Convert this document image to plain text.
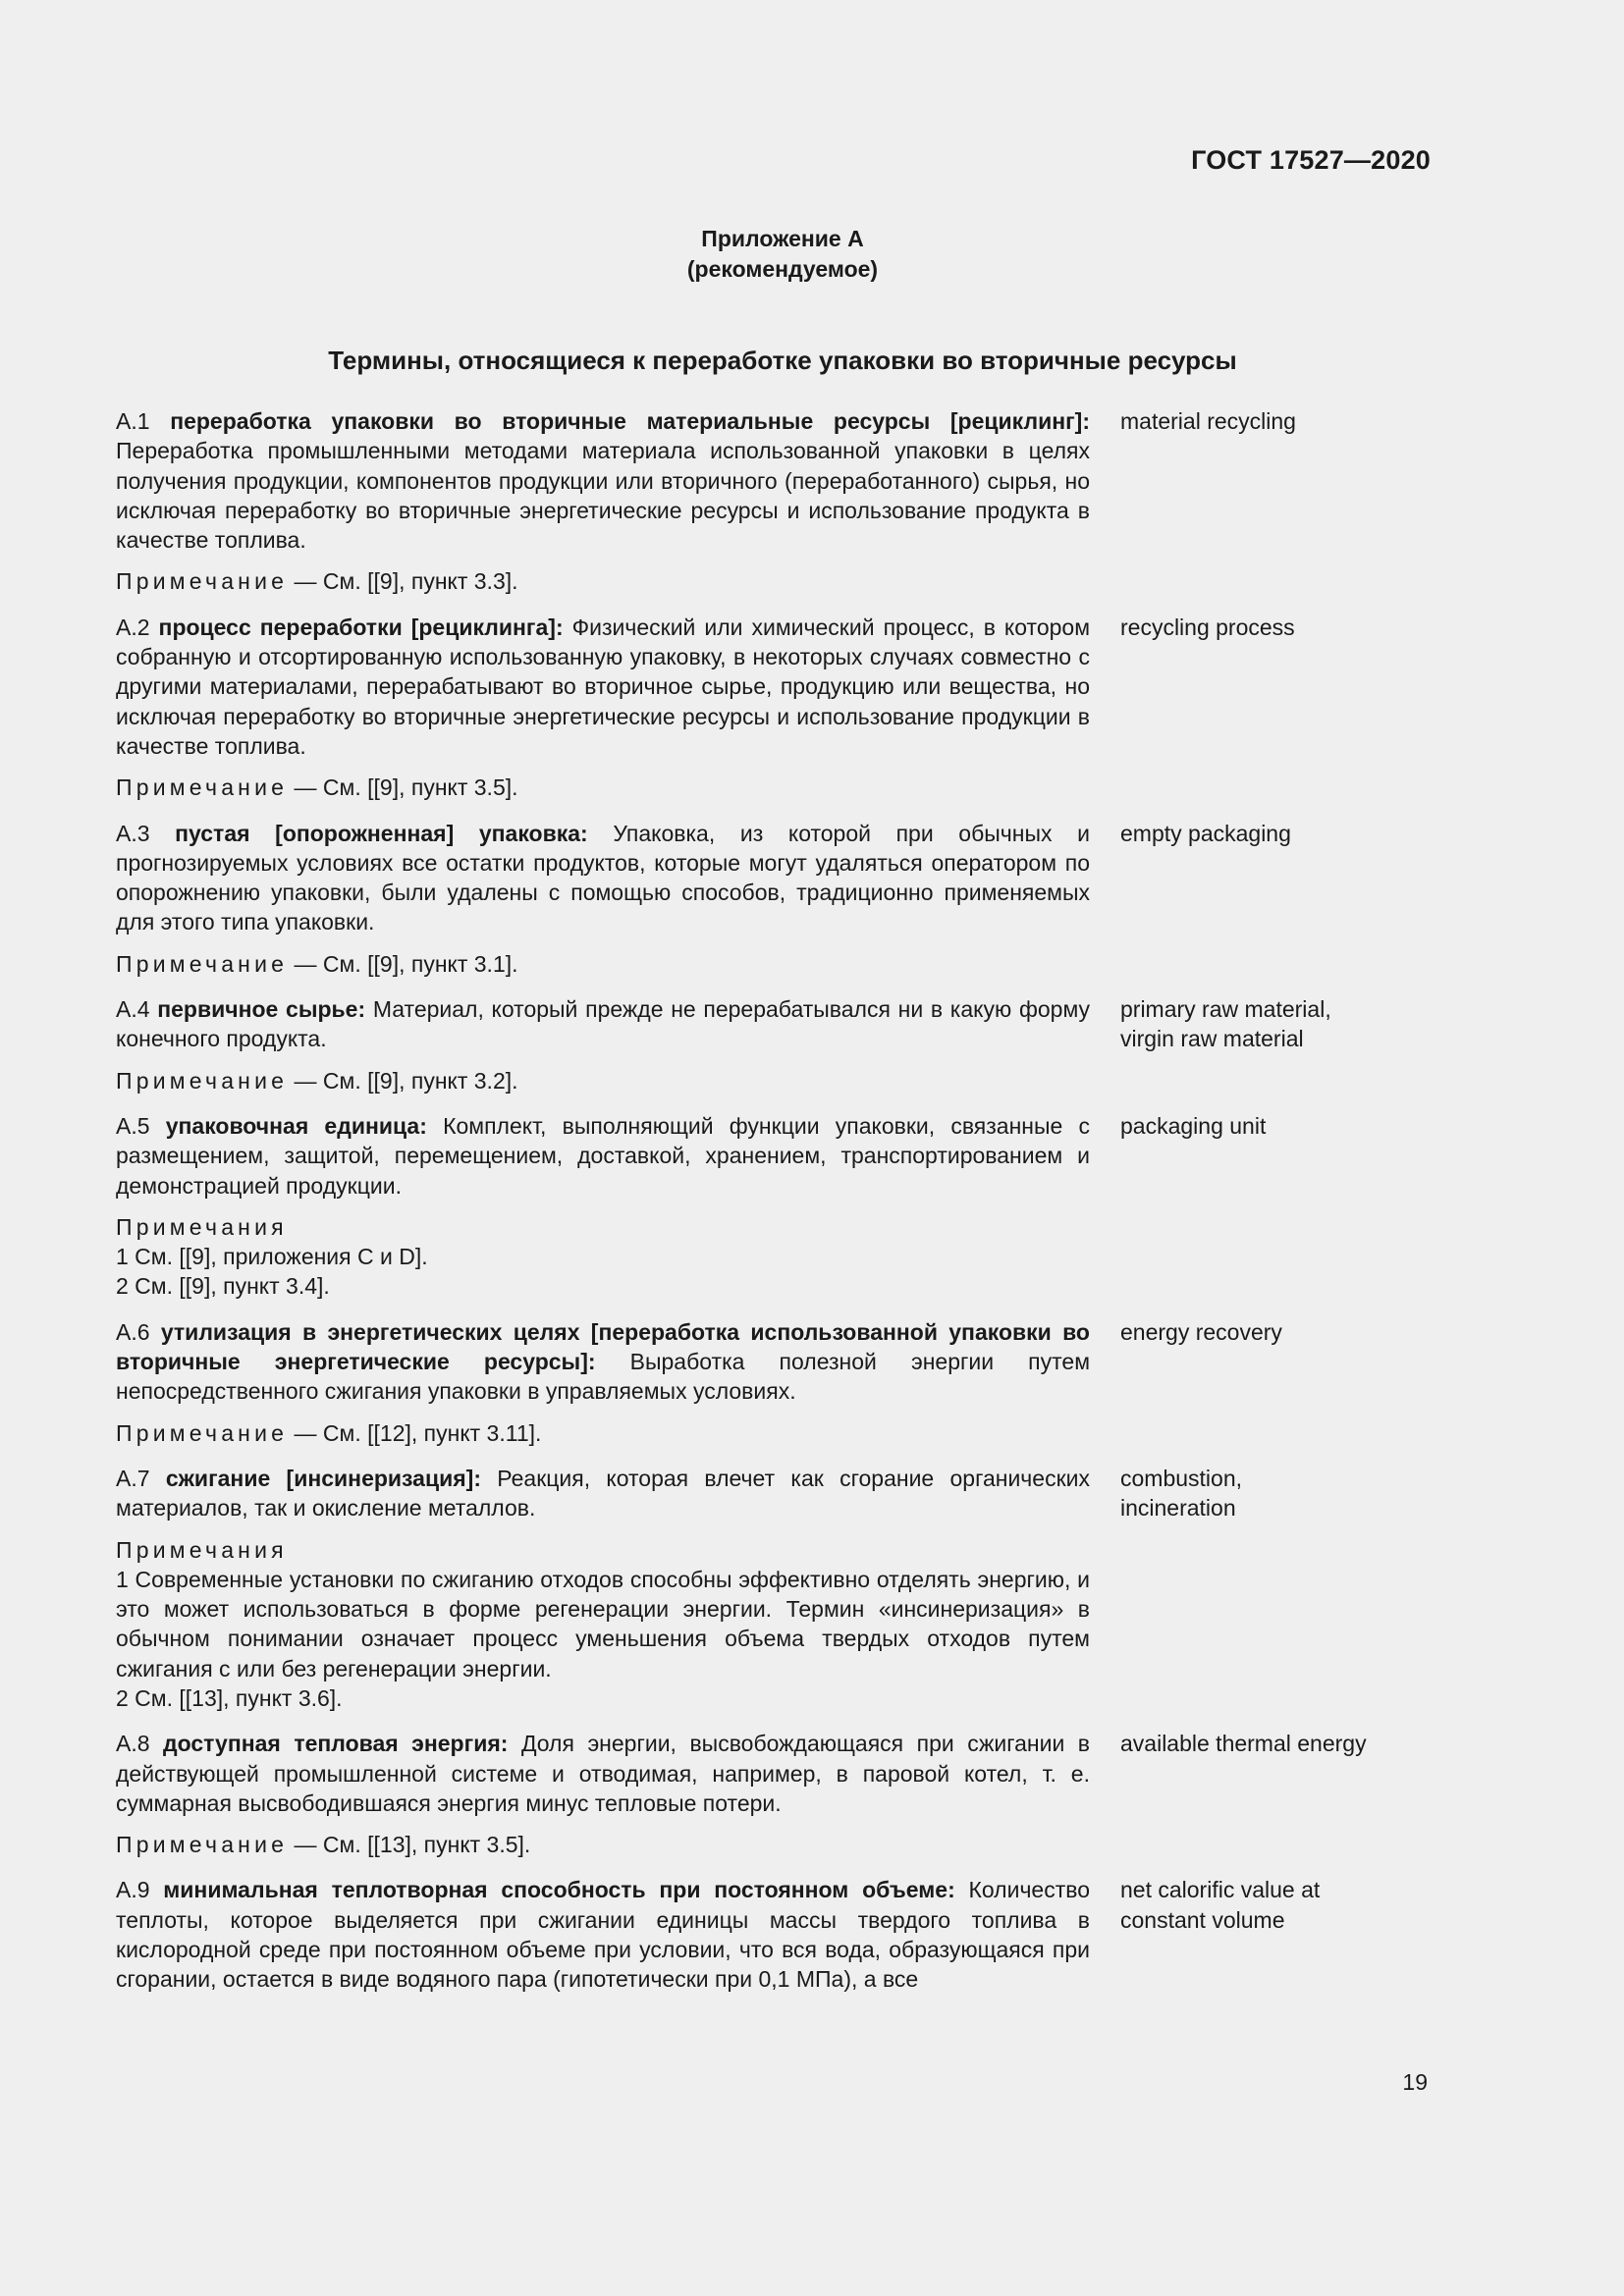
ГОСТ 17527—2020
Приложение А
(рекомендуемое)
Термины, относящиеся к переработке упаковки во вторичные ресурсы
А.1 переработка упаковки во вторичные материальные ресурсы [рециклинг]: Переработка промышленными методами материала использованной упаковки в целях получения продукции, компонентов продукции или вторичного (переработанного) сырья, но исключая переработку во вторичные энергетические ресурсы и использование продукта в качестве топлива.
material recycling
Примечание — См. [[9], пункт 3.3].
А.2 процесс переработки [рециклинга]: Физический или химический процесс, в котором собранную и отсортированную использованную упаковку, в некоторых случаях совместно с другими материалами, перерабатывают во вторичное сырье, продукцию или вещества, но исключая переработку во вторичные энергетические ресурсы и использование продукции в качестве топлива.
recycling process
Примечание — См. [[9], пункт 3.5].
А.3 пустая [опорожненная] упаковка: Упаковка, из которой при обычных и прогнозируемых условиях все остатки продуктов, которые могут удаляться оператором по опорожнению упаковки, были удалены с помощью способов, традиционно применяемых для этого типа упаковки.
empty packaging
Примечание — См. [[9], пункт 3.1].
А.4 первичное сырье: Материал, который прежде не перерабатывался ни в какую форму конечного продукта.
primary raw material,
virgin raw material
Примечание — См. [[9], пункт 3.2].
А.5 упаковочная единица: Комплект, выполняющий функции упаковки, связанные с размещением, защитой, перемещением, доставкой, хранением, транспортированием и демонстрацией продукции.
packaging unit
Примечания
1 См. [[9], приложения С и D].
2 См. [[9], пункт 3.4].
А.6 утилизация в энергетических целях [переработка использованной упаковки во вторичные энергетические ресурсы]: Выработка полезной энергии путем непосредственного сжигания упаковки в управляемых условиях.
energy recovery
Примечание — См. [[12], пункт 3.11].
А.7 сжигание [инсинеризация]: Реакция, которая влечет как сгорание органических материалов, так и окисление металлов.
combustion,
incineration
Примечания
1 Современные установки по сжиганию отходов способны эффективно отделять энергию, и это может использоваться в форме регенерации энергии. Термин «инсинеризация» в обычном понимании означает процесс уменьшения объема твердых отходов путем сжигания с или без регенерации энергии.
2 См. [[13], пункт 3.6].
А.8 доступная тепловая энергия: Доля энергии, высвобождающаяся при сжигании в действующей промышленной системе и отводимая, например, в паровой котел, т. е. суммарная высвободившаяся энергия минус тепловые потери.
available thermal energy
Примечание — См. [[13], пункт 3.5].
А.9 минимальная теплотворная способность при постоянном объеме: Количество теплоты, которое выделяется при сжигании единицы массы твердого топлива в кислородной среде при постоянном объеме при условии, что вся вода, образующаяся при сгорании, остается в виде водяного пара (гипотетически при 0,1 МПа), а все
net calorific value at
constant volume
19
